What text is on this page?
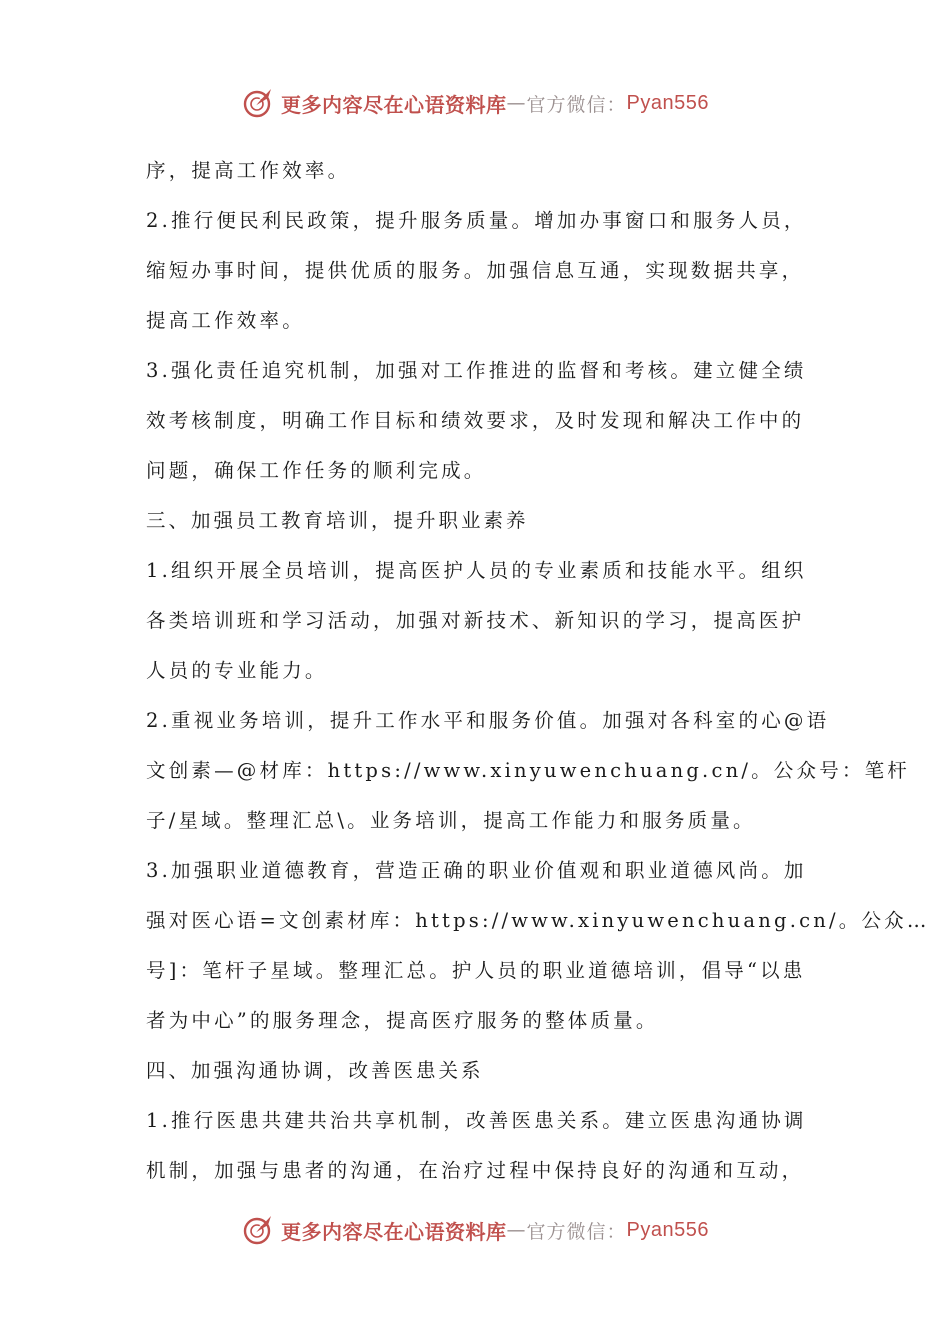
更多内容尽在心语资料库 — 官方微信： Pyan556
序，提高工作效率。
2.推行便民利民政策，提升服务质量。增加办事窗口和服务人员，
缩短办事时间，提供优质的服务。加强信息互通，实现数据共享，
提高工作效率。
3.强化责任追究机制，加强对工作推进的监督和考核。建立健全绩
效考核制度，明确工作目标和绩效要求，及时发现和解决工作中的
问题，确保工作任务的顺利完成。
三、加强员工教育培训，提升职业素养
1.组织开展全员培训，提高医护人员的专业素质和技能水平。组织
各类培训班和学习活动，加强对新技术、新知识的学习，提高医护
人员的专业能力。
2.重视业务培训，提升工作水平和服务价值。加强对各科室的心@语
文创素—@材库：https://www.xinyuwenchuang.cn/。公众号：笔杆
子/星域。整理汇总\。业务培训，提高工作能力和服务质量。
3.加强职业道德教育，营造正确的职业价值观和职业道德风尚。加
强对医心语=文创素材库：https://www.xinyuwenchuang.cn/。公众…
号]：笔杆子星域。整理汇总。护人员的职业道德培训，倡导“以患
者为中心”的服务理念，提高医疗服务的整体质量。
四、加强沟通协调，改善医患关系
1.推行医患共建共治共享机制，改善医患关系。建立医患沟通协调
机制，加强与患者的沟通，在治疗过程中保持良好的沟通和互动，
更多内容尽在心语资料库 — 官方微信： Pyan556
